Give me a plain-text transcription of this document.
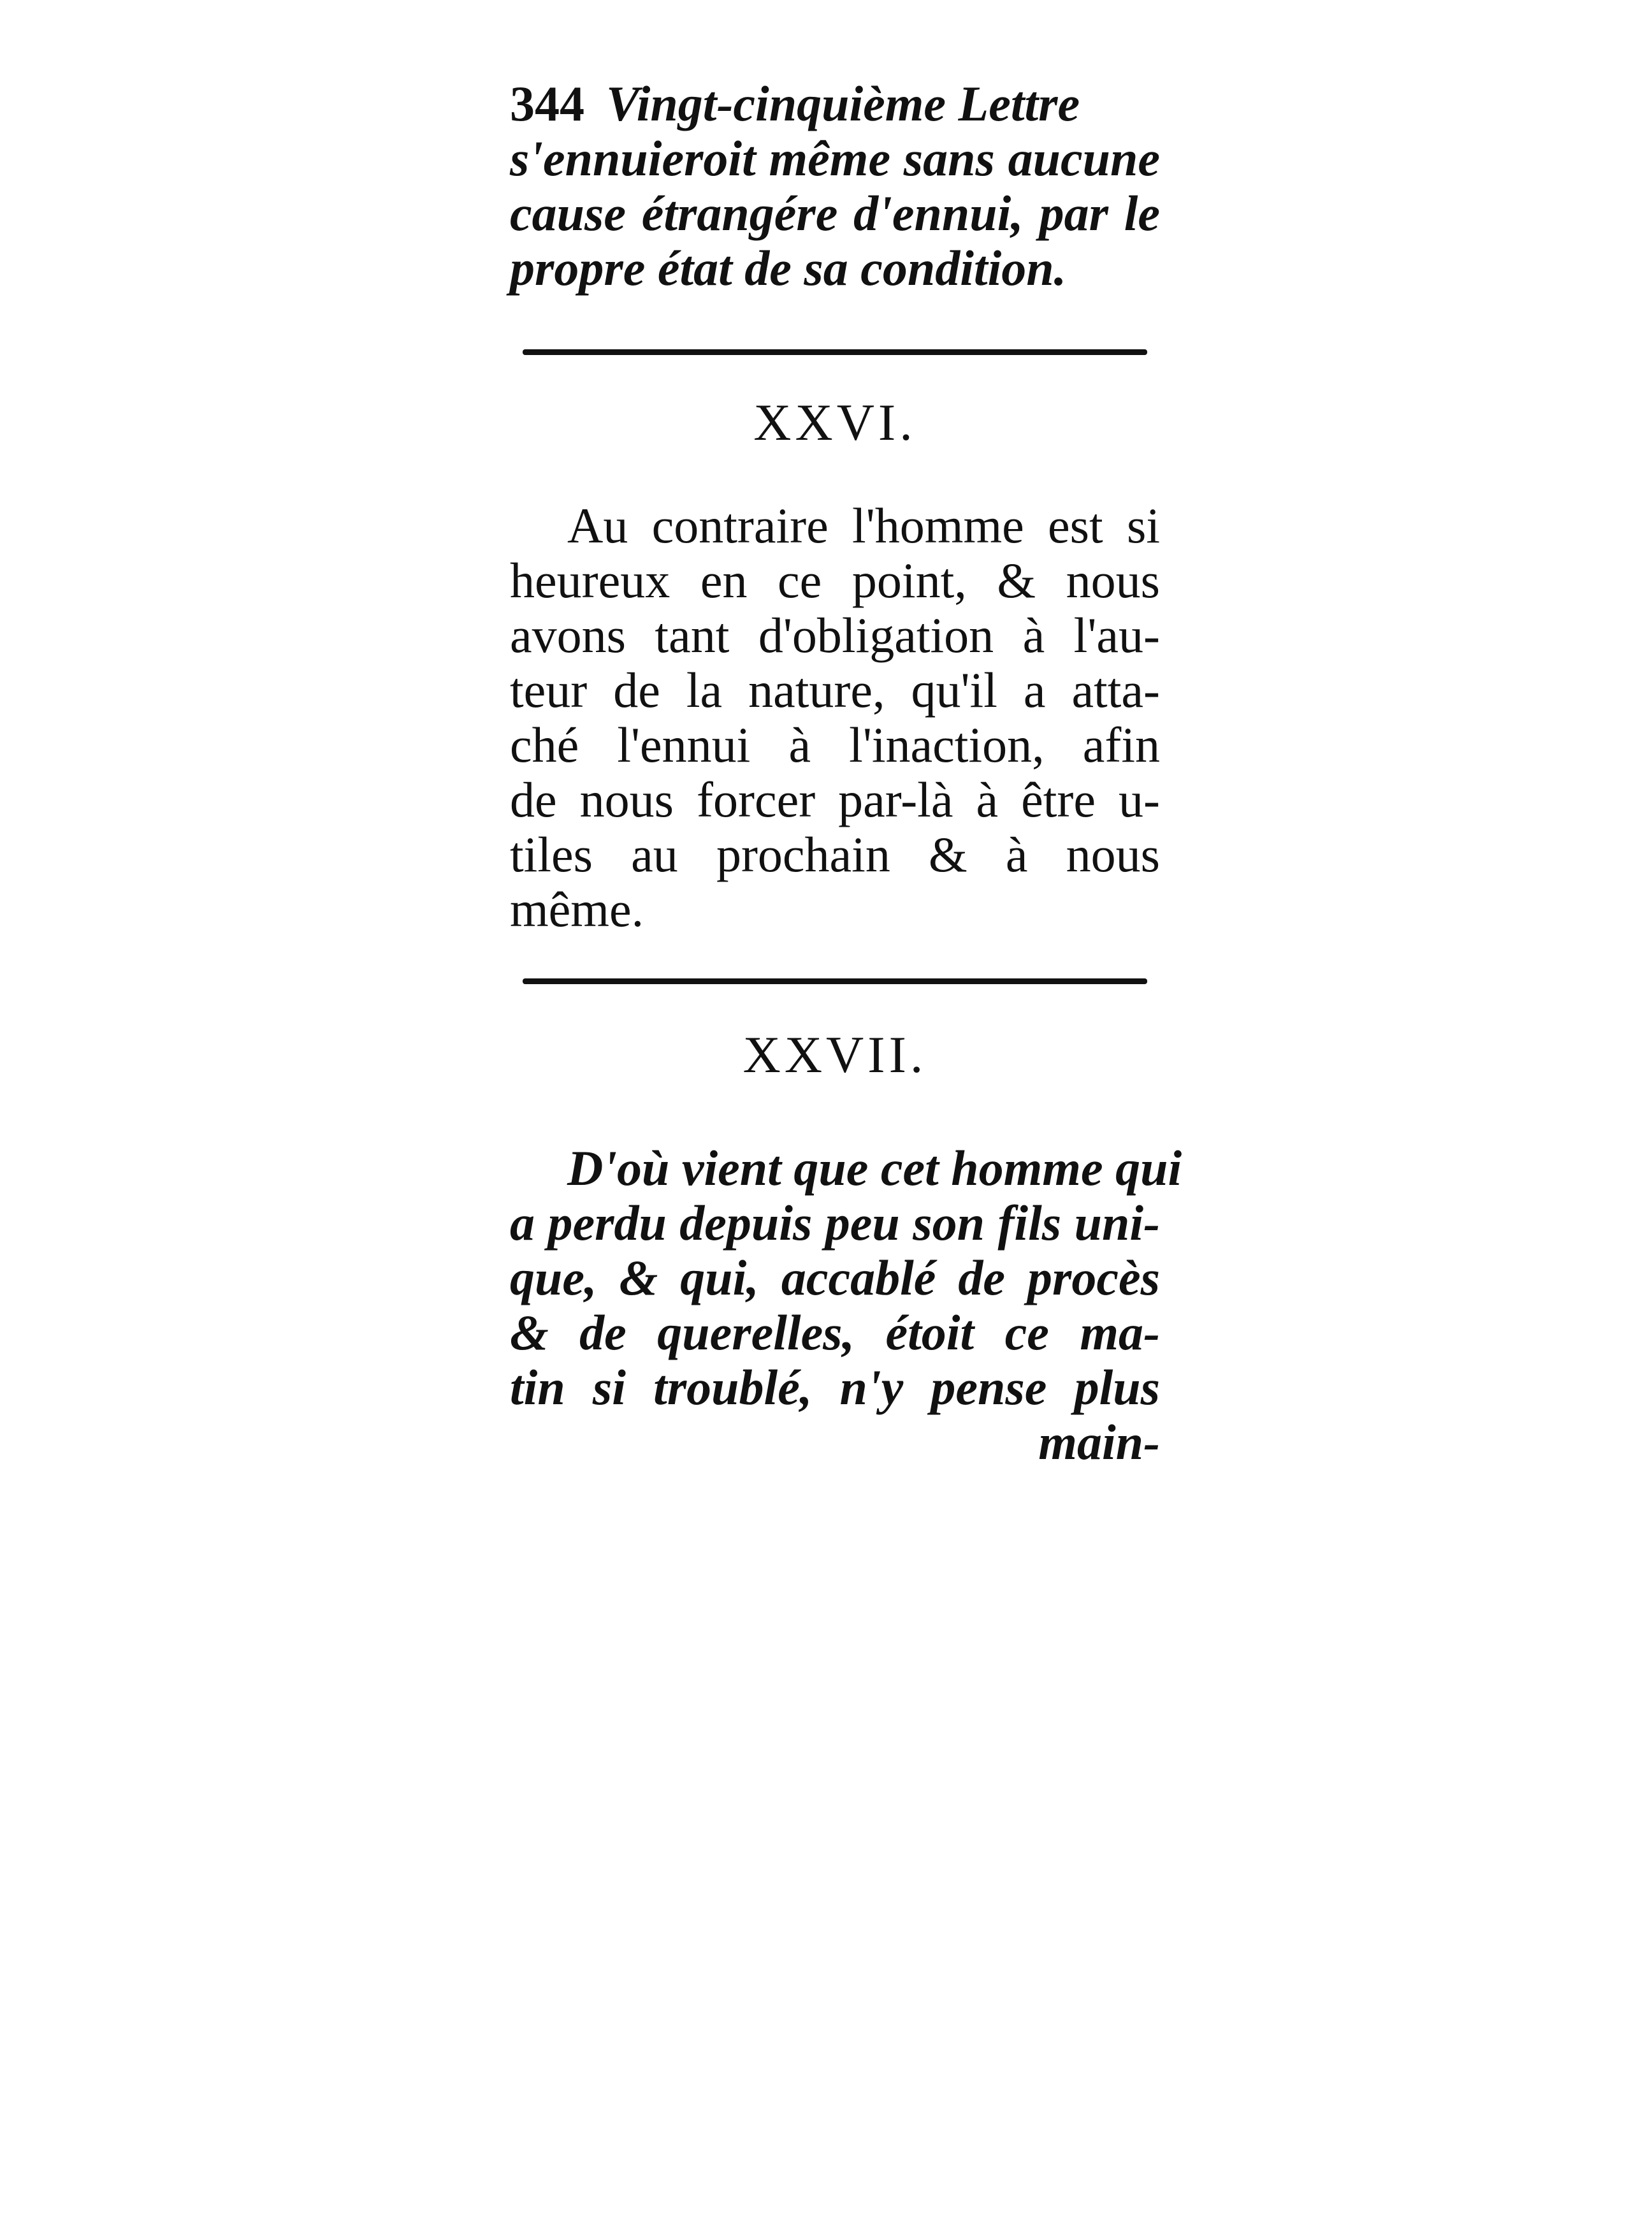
344 Vingt-cinquième Lettre
s'ennuieroit même sans aucune
cause étrangére d'ennui, par le
propre état de sa condition.
XXVI.
Au contraire l'homme est si
heureux en ce point, & nous
avons tant d'obligation à l'au-
teur de la nature, qu'il a atta-
ché l'ennui à l'inaction, afin
de nous forcer par-là à être u-
tiles au prochain & à nous
même.
XXVII.
D'où vient que cet homme qui
a perdu depuis peu son fils uni-
que, & qui, accablé de procès
& de querelles, étoit ce ma-
tin si troublé, n'y pense plus
main-
